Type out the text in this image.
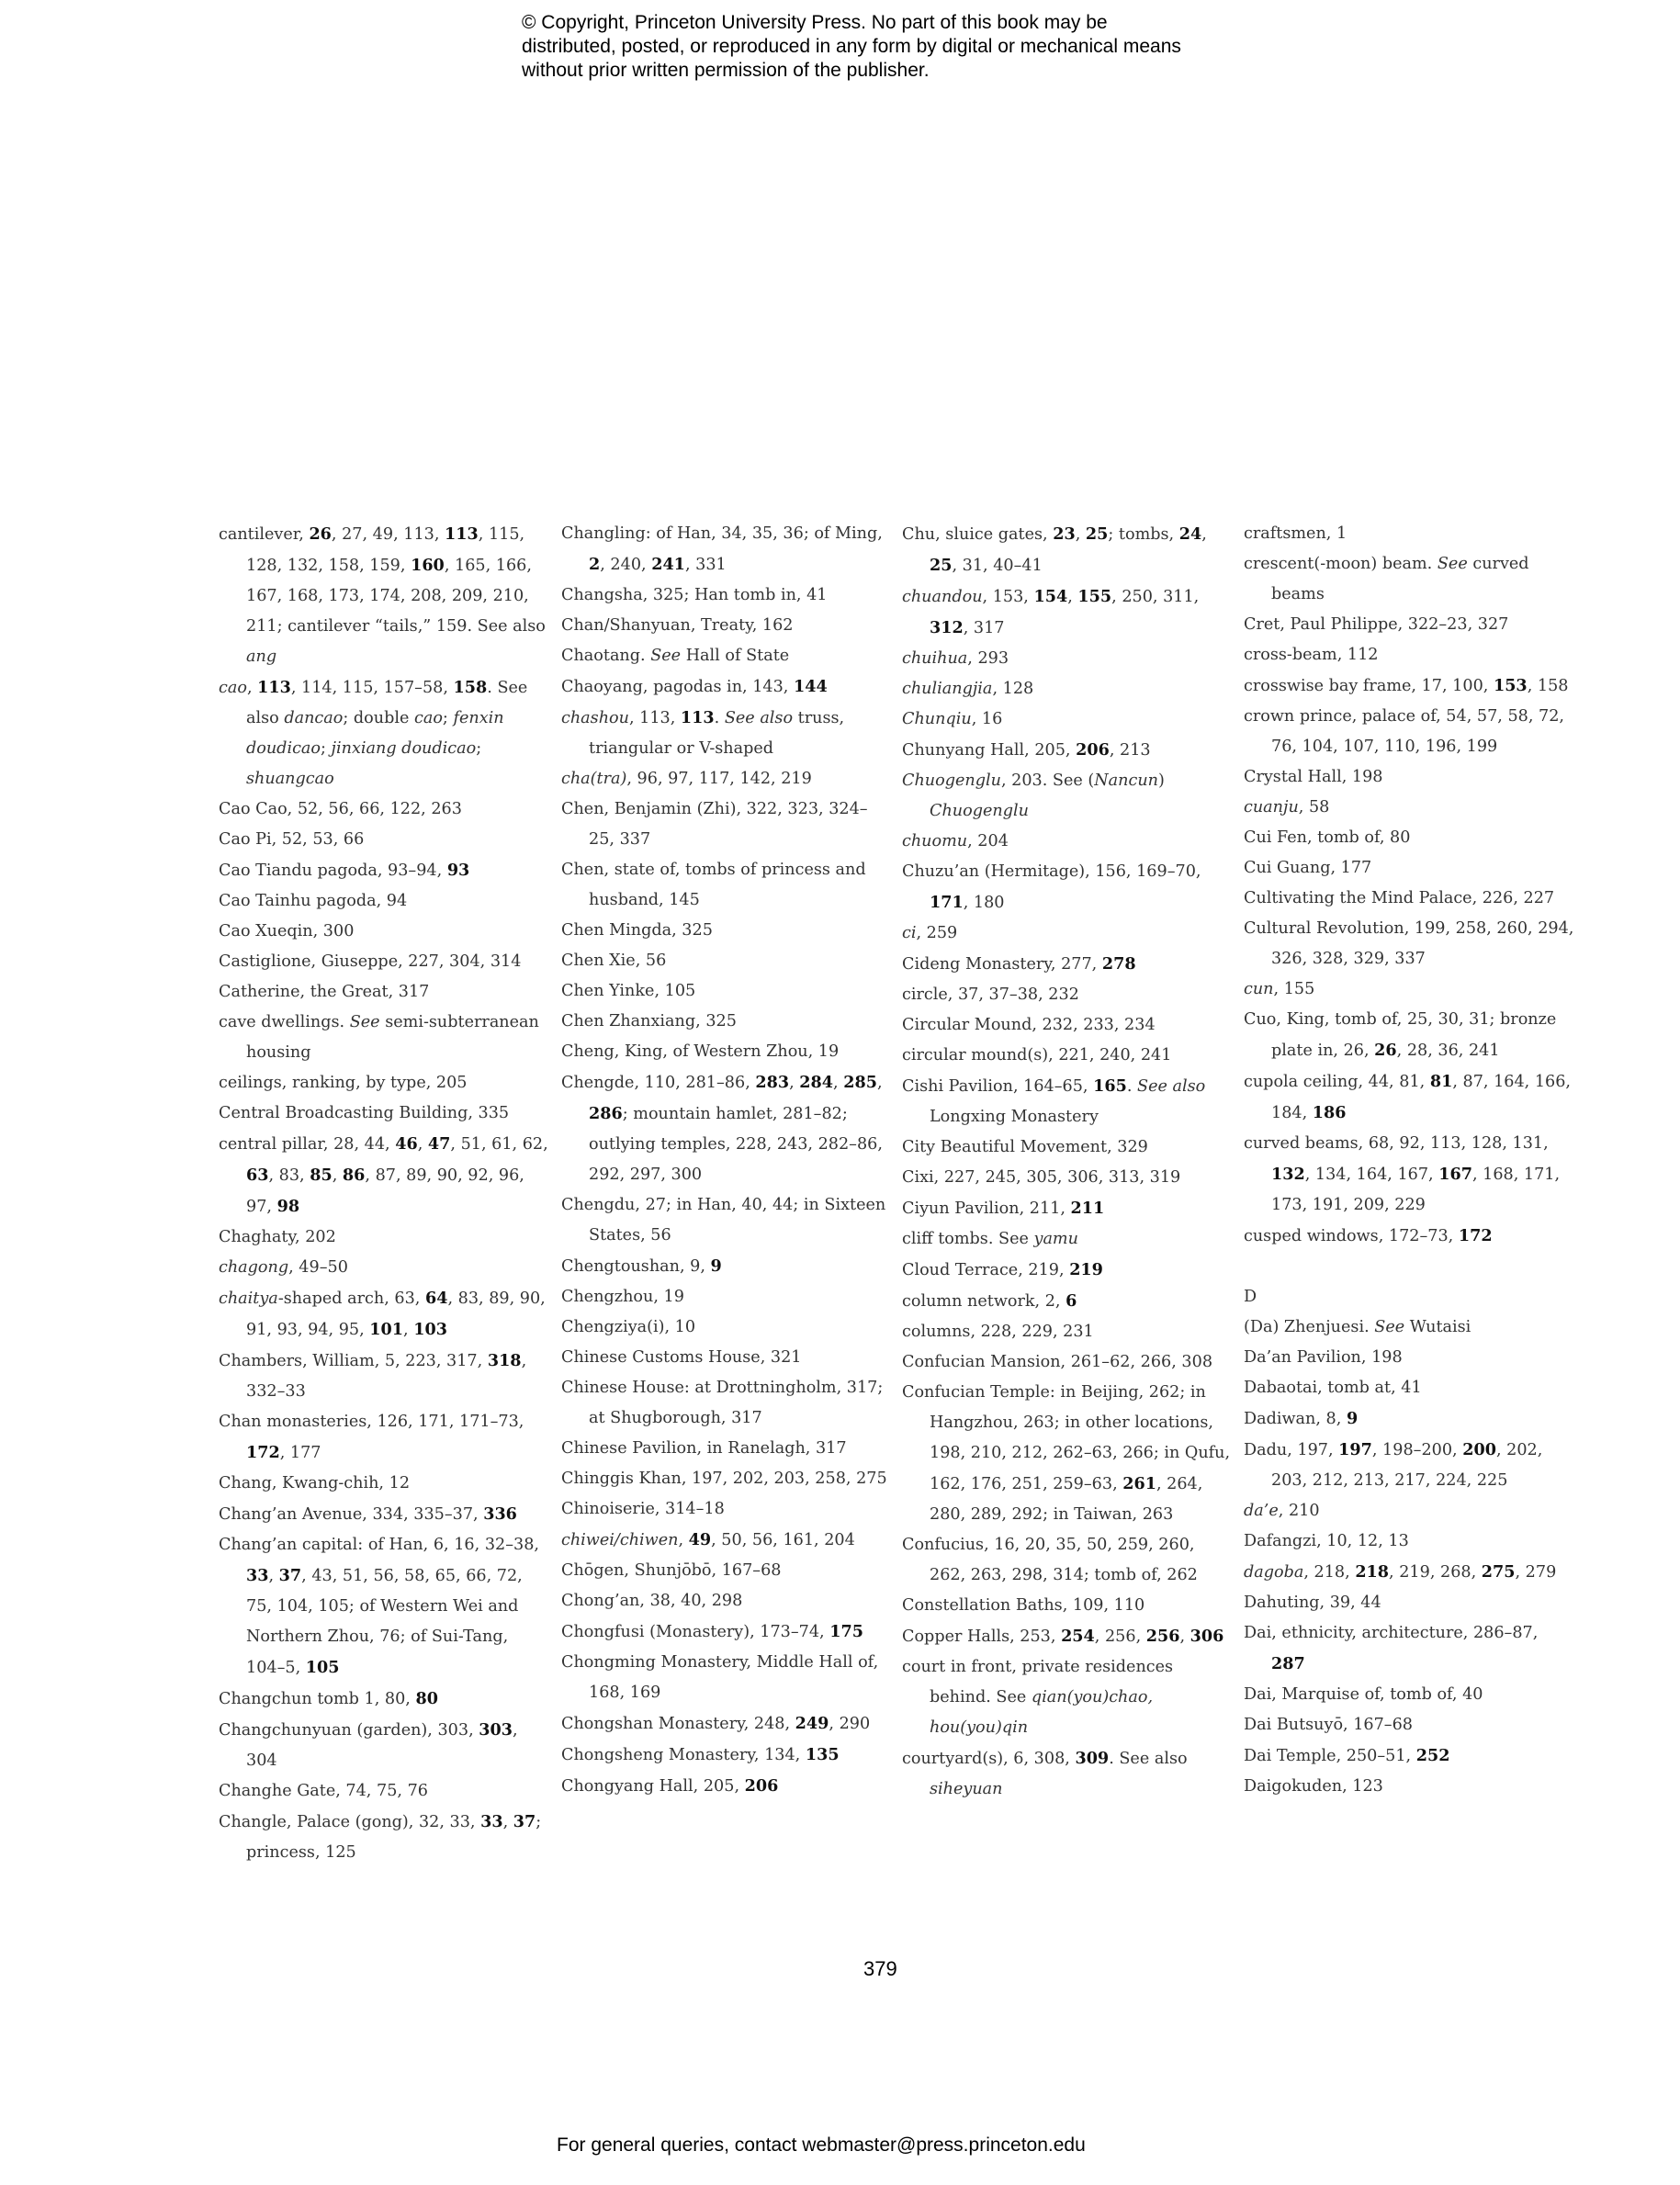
© Copyright, Princeton University Press. No part of this book may be distributed, posted, or reproduced in any form by digital or mechanical means without prior written permission of the publisher.
cantilever, 26, 27, 49, 113, 113, 115, 128, 132, 158, 159, 160, 165, 166, 167, 168, 173, 174, 208, 209, 210, 211; cantilever “tails,” 159. See also ang
cao, 113, 114, 115, 157–58, 158. See also dancao; double cao; fenxin doudicao; jinxiang doudicao; shuangcao
Cao Cao, 52, 56, 66, 122, 263
Cao Pi, 52, 53, 66
Cao Tiandu pagoda, 93–94, 93
Cao Tainhu pagoda, 94
Cao Xueqin, 300
Castiglione, Giuseppe, 227, 304, 314
Catherine, the Great, 317
cave dwellings. See semi-subterranean housing
ceilings, ranking, by type, 205
Central Broadcasting Building, 335
central pillar, 28, 44, 46, 47, 51, 61, 62, 63, 83, 85, 86, 87, 89, 90, 92, 96, 97, 98
Chaghaty, 202
chagong, 49–50
chaitya-shaped arch, 63, 64, 83, 89, 90, 91, 93, 94, 95, 101, 103
Chambers, William, 5, 223, 317, 318, 332–33
Chan monasteries, 126, 171, 171–73, 172, 177
Chang, Kwang-chih, 12
Chang’an Avenue, 334, 335–37, 336
Chang’an capital: of Han, 6, 16, 32–38, 33, 37, 43, 51, 56, 58, 65, 66, 72, 75, 104, 105; of Western Wei and Northern Zhou, 76; of Sui-Tang, 104–5, 105
Changchun tomb 1, 80, 80
Changchunyuan (garden), 303, 303, 304
Changhe Gate, 74, 75, 76
Changle, Palace (gong), 32, 33, 33, 37; princess, 125
Changling: of Han, 34, 35, 36; of Ming, 2, 240, 241, 331
Changsha, 325; Han tomb in, 41
Chan/Shanyuan, Treaty, 162
Chaotang. See Hall of State
Chaoyang, pagodas in, 143, 144
chashou, 113, 113. See also truss, triangular or V-shaped
cha(tra), 96, 97, 117, 142, 219
Chen, Benjamin (Zhi), 322, 323, 324–25, 337
Chen, state of, tombs of princess and husband, 145
Chen Mingda, 325
Chen Xie, 56
Chen Yinke, 105
Chen Zhanxiang, 325
Cheng, King, of Western Zhou, 19
Chengde, 110, 281–86, 283, 284, 285, 286; mountain hamlet, 281–82; outlying temples, 228, 243, 282–86, 292, 297, 300
Chengdu, 27; in Han, 40, 44; in Sixteen States, 56
Chengtoushan, 9, 9
Chengzhou, 19
Chengziya(i), 10
Chinese Customs House, 321
Chinese House: at Drottningholm, 317; at Shugborough, 317
Chinese Pavilion, in Ranelagh, 317
Chinggis Khan, 197, 202, 203, 258, 275
Chinoiserie, 314–18
chiwei/chiwen, 49, 50, 56, 161, 204
Chōgen, Shunjōbō, 167–68
Chong’an, 38, 40, 298
Chongfusi (Monastery), 173–74, 175
Chongming Monastery, Middle Hall of, 168, 169
Chongshan Monastery, 248, 249, 290
Chongsheng Monastery, 134, 135
Chongyang Hall, 205, 206
Chu, sluice gates, 23, 25; tombs, 24, 25, 31, 40–41
chuandou, 153, 154, 155, 250, 311, 312, 317
chuihua, 293
chuliangjia, 128
Chunqiu, 16
Chunyang Hall, 205, 206, 213
Chuogenglu, 203. See (Nancun) Chuogenglu
chuomu, 204
Chuzu’an (Hermitage), 156, 169–70, 171, 180
ci, 259
Cideng Monastery, 277, 278
circle, 37, 37–38, 232
Circular Mound, 232, 233, 234
circular mound(s), 221, 240, 241
Cishi Pavilion, 164–65, 165. See also Longxing Monastery
City Beautiful Movement, 329
Cixi, 227, 245, 305, 306, 313, 319
Ciyun Pavilion, 211, 211
cliff tombs. See yamu
Cloud Terrace, 219, 219
column network, 2, 6
columns, 228, 229, 231
Confucian Mansion, 261–62, 266, 308
Confucian Temple: in Beijing, 262; in Hangzhou, 263; in other locations, 198, 210, 212, 262–63, 266; in Qufu, 162, 176, 251, 259–63, 261, 264, 280, 289, 292; in Taiwan, 263
Confucius, 16, 20, 35, 50, 259, 260, 262, 263, 298, 314; tomb of, 262
Constellation Baths, 109, 110
Copper Halls, 253, 254, 256, 256, 306
court in front, private residences behind. See qian(you)chao, hou(you)qin
courtyard(s), 6, 308, 309. See also siheyuan
craftsmen, 1
crescent(-moon) beam. See curved beams
Cret, Paul Philippe, 322–23, 327
cross-beam, 112
crosswise bay frame, 17, 100, 153, 158
crown prince, palace of, 54, 57, 58, 72, 76, 104, 107, 110, 196, 199
Crystal Hall, 198
cuanju, 58
Cui Fen, tomb of, 80
Cui Guang, 177
Cultivating the Mind Palace, 226, 227
Cultural Revolution, 199, 258, 260, 294, 326, 328, 329, 337
cun, 155
Cuo, King, tomb of, 25, 30, 31; bronze plate in, 26, 26, 28, 36, 241
cupola ceiling, 44, 81, 81, 87, 164, 166, 184, 186
curved beams, 68, 92, 113, 128, 131, 132, 134, 164, 167, 167, 168, 171, 173, 191, 209, 229
cusped windows, 172–73, 172
D
(Da) Zhenjuesi. See Wutaisi
Da’an Pavilion, 198
Dabaotai, tomb at, 41
Dadiwan, 8, 9
Dadu, 197, 197, 198–200, 200, 202, 203, 212, 213, 217, 224, 225
da’e, 210
Dafangzi, 10, 12, 13
dagoba, 218, 218, 219, 268, 275, 279
Dahuting, 39, 44
Dai, ethnicity, architecture, 286–87, 287
Dai, Marquise of, tomb of, 40
Dai Butsuyō, 167–68
Dai Temple, 250–51, 252
Daigokuden, 123
379
For general queries, contact webmaster@press.princeton.edu
